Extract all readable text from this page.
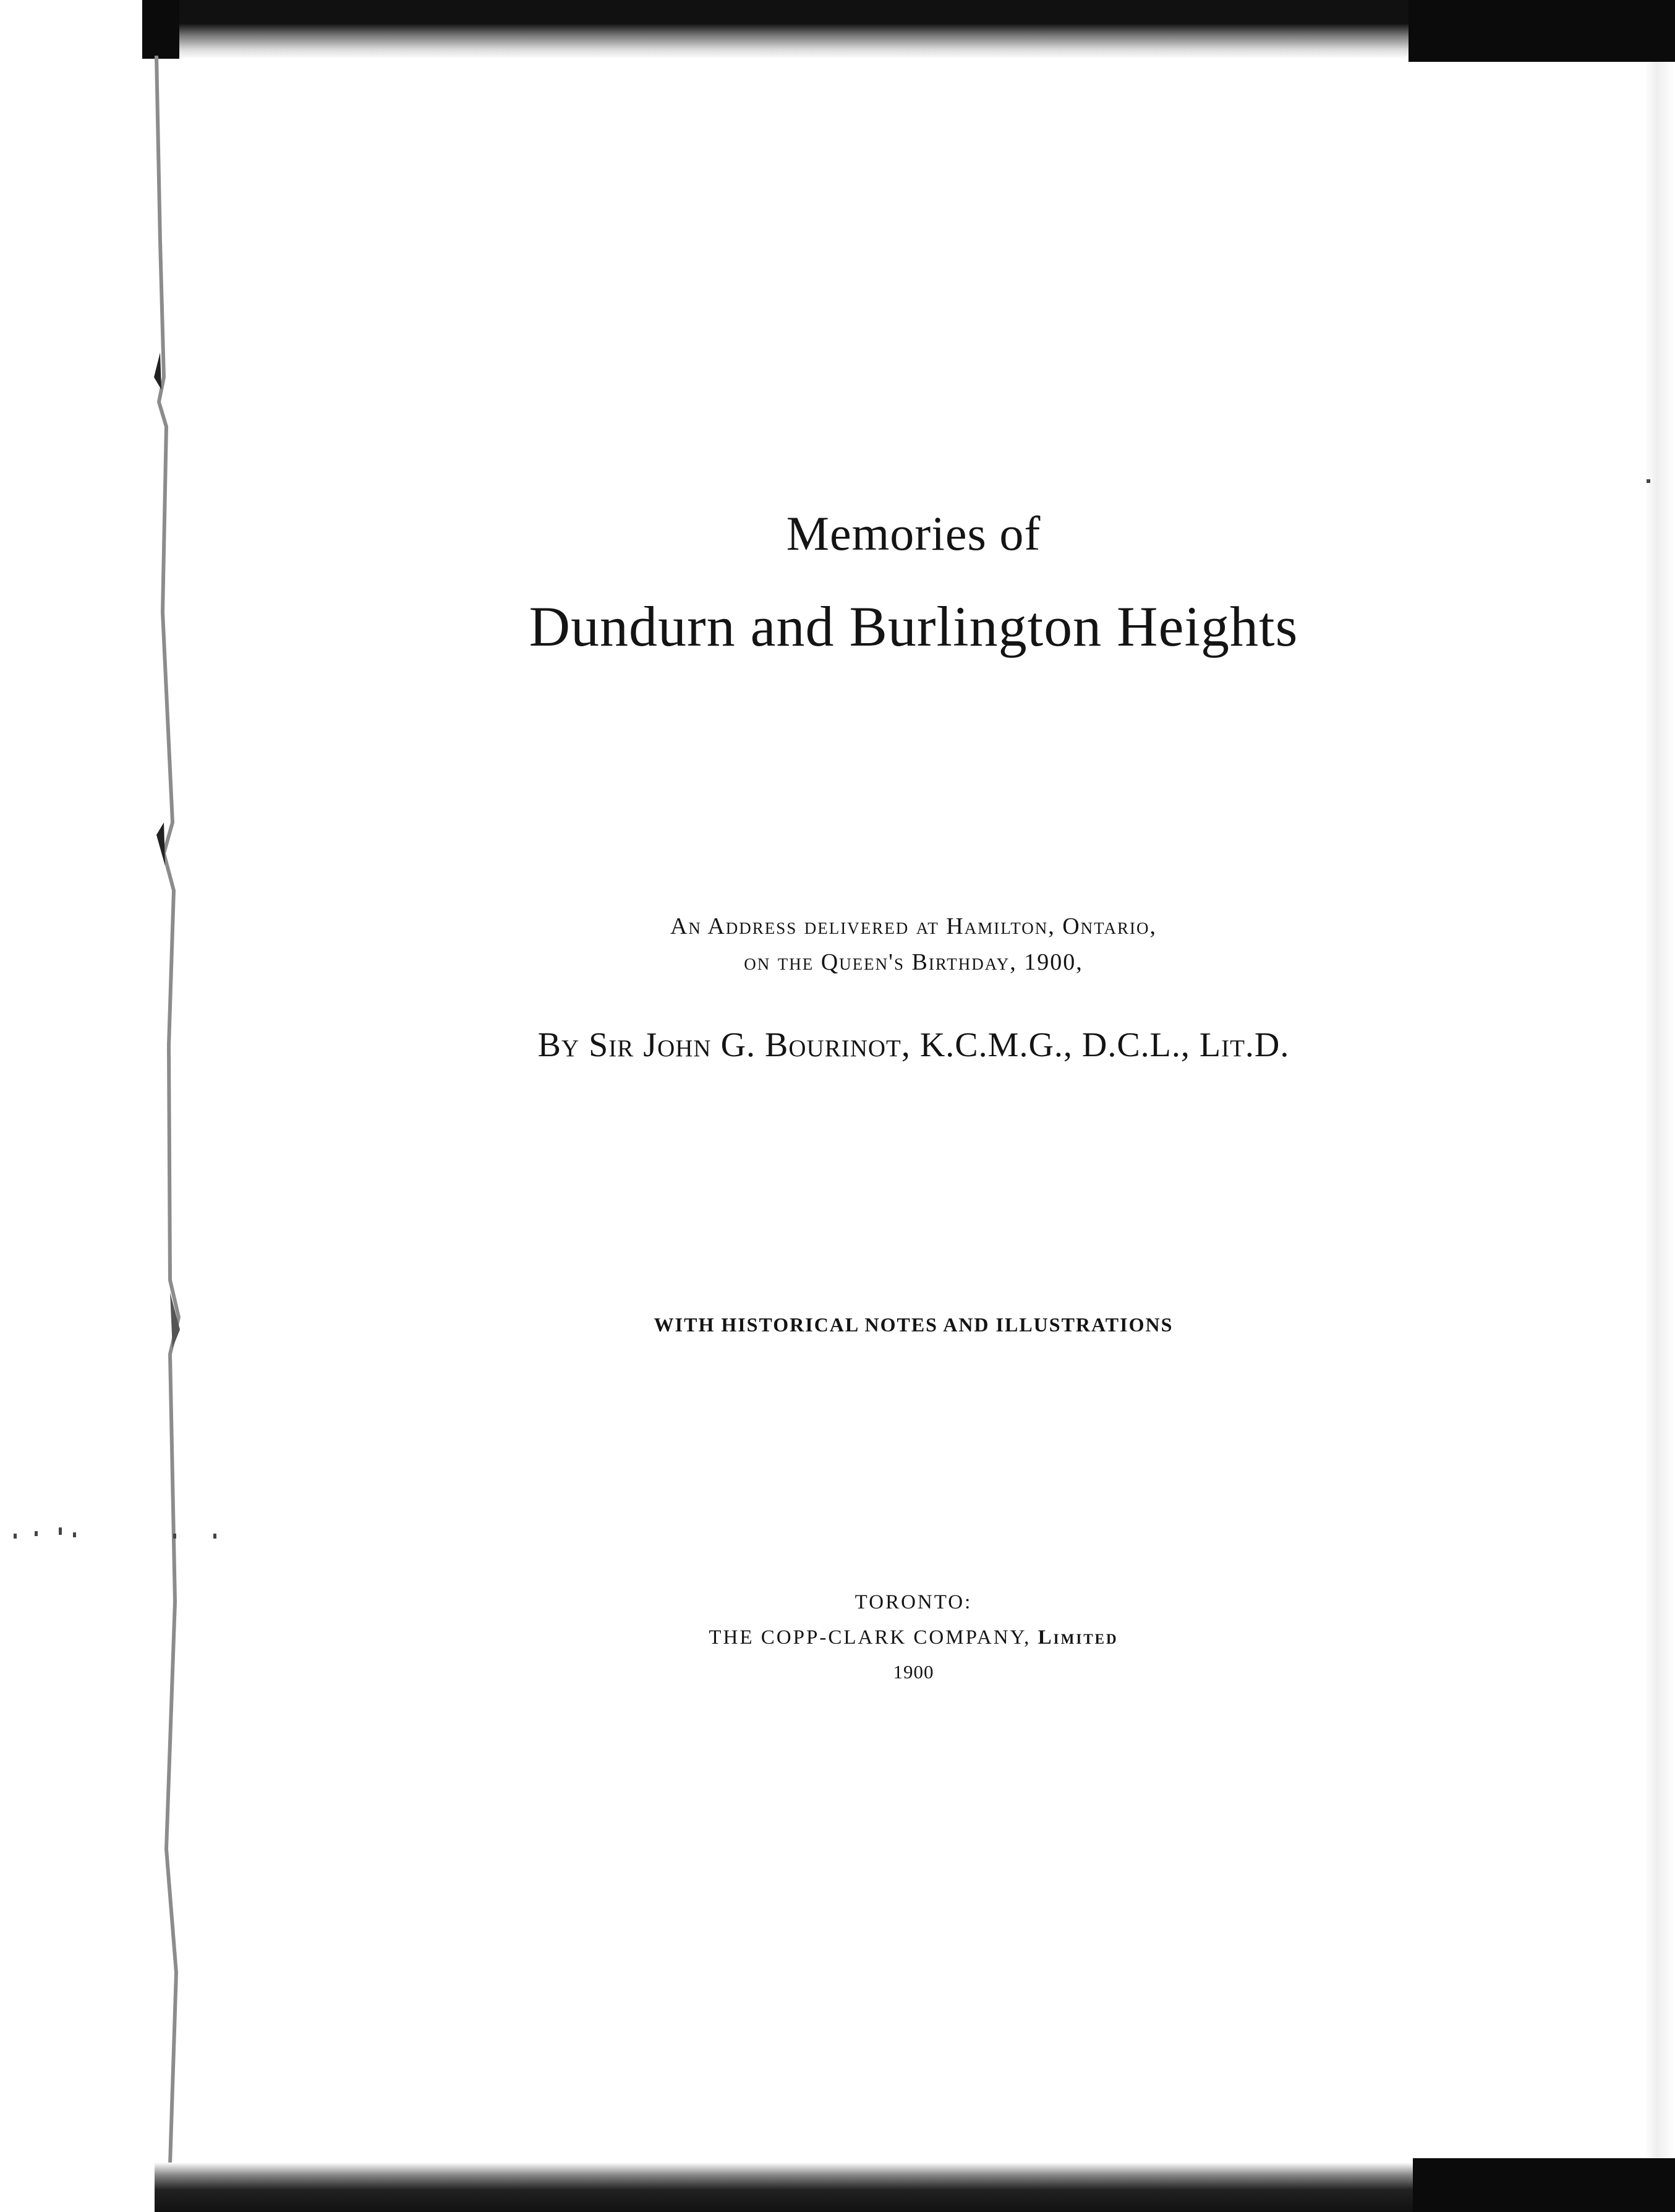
Memories of

Dundurn and Burlington Heights

An Address delivered at Hamilton, Ontario,

on the Queen's Birthday, 1900,

By Sir John G. Bourinot, K.C.M.G., D.C.L., Lit.D.

WITH HISTORICAL NOTES AND ILLUSTRATIONS

TORONTO:

THE COPP-CLARK COMPANY, Limited

1900
